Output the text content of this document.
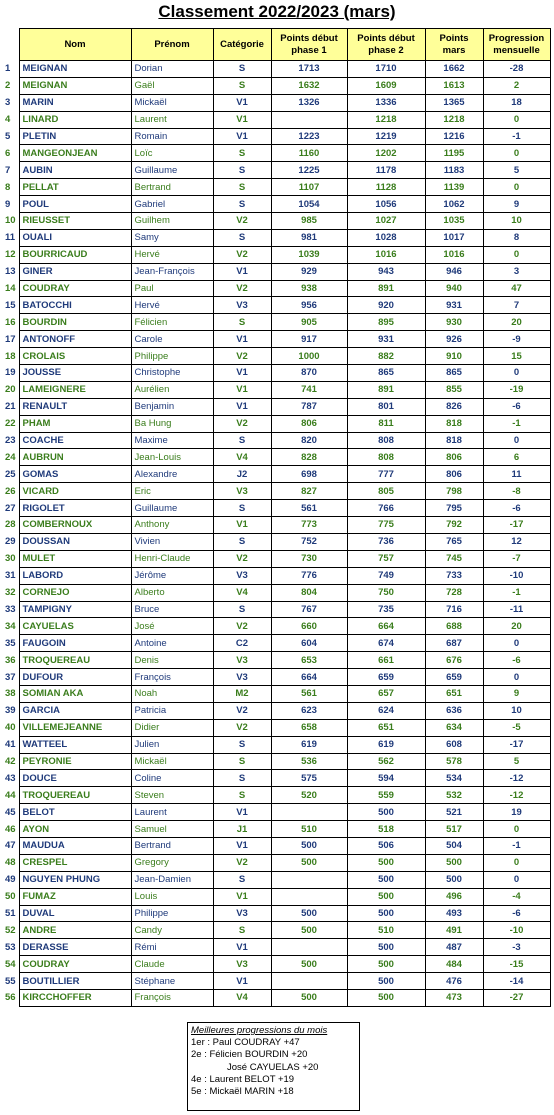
Classement 2022/2023 (mars)
	Nom	Prénom	Catégorie	Points début phase 1	Points début phase 2	Points mars	Progression mensuelle
1	MEIGNAN	Dorian	S	1713	1710	1662	-28
2	MEIGNAN	Gaël	S	1632	1609	1613	2
3	MARIN	Mickaël	V1	1326	1336	1365	18
4	LINARD	Laurent	V1		1218	1218	0
5	PLETIN	Romain	V1	1223	1219	1216	-1
6	MANGEONJEAN	Loïc	S	1160	1202	1195	0
7	AUBIN	Guillaume	S	1225	1178	1183	5
8	PELLAT	Bertrand	S	1107	1128	1139	0
9	POUL	Gabriel	S	1054	1056	1062	9
10	RIEUSSET	Guilhem	V2	985	1027	1035	10
11	OUALI	Samy	S	981	1028	1017	8
12	BOURRICAUD	Hervé	V2	1039	1016	1016	0
13	GINER	Jean-François	V1	929	943	946	3
14	COUDRAY	Paul	V2	938	891	940	47
15	BATOCCHI	Hervé	V3	956	920	931	7
16	BOURDIN	Félicien	S	905	895	930	20
17	ANTONOFF	Carole	V1	917	931	926	-9
18	CROLAIS	Philippe	V2	1000	882	910	15
19	JOUSSE	Christophe	V1	870	865	865	0
20	LAMEIGNERE	Aurélien	V1	741	891	855	-19
21	RENAULT	Benjamin	V1	787	801	826	-6
22	PHAM	Ba Hung	V2	806	811	818	-1
23	COACHE	Maxime	S	820	808	818	0
24	AUBRUN	Jean-Louis	V4	828	808	806	6
25	GOMAS	Alexandre	J2	698	777	806	11
26	VICARD	Eric	V3	827	805	798	-8
27	RIGOLET	Guillaume	S	561	766	795	-6
28	COMBERNOUX	Anthony	V1	773	775	792	-17
29	DOUSSAN	Vivien	S	752	736	765	12
30	MULET	Henri-Claude	V2	730	757	745	-7
31	LABORD	Jérôme	V3	776	749	733	-10
32	CORNEJO	Alberto	V4	804	750	728	-1
33	TAMPIGNY	Bruce	S	767	735	716	-11
34	CAYUELAS	José	V2	660	664	688	20
35	FAUGOIN	Antoine	C2	604	674	687	0
36	TROQUEREAU	Denis	V3	653	661	676	-6
37	DUFOUR	François	V3	664	659	659	0
38	SOMIAN AKA	Noah	M2	561	657	651	9
39	GARCIA	Patricia	V2	623	624	636	10
40	VILLEMEJEANNE	Didier	V2	658	651	634	-5
41	WATTEEL	Julien	S	619	619	608	-17
42	PEYRONIE	Mickaël	S	536	562	578	5
43	DOUCE	Coline	S	575	594	534	-12
44	TROQUEREAU	Steven	S	520	559	532	-12
45	BELOT	Laurent	V1		500	521	19
46	AYON	Samuel	J1	510	518	517	0
47	MAUDUA	Bertrand	V1	500	506	504	-1
48	CRESPEL	Gregory	V2	500	500	500	0
49	NGUYEN PHUNG	Jean-Damien	S		500	500	0
50	FUMAZ	Louis	V1		500	496	-4
51	DUVAL	Philippe	V3	500	500	493	-6
52	ANDRE	Candy	S	500	510	491	-10
53	DERASSE	Rémi	V1		500	487	-3
54	COUDRAY	Claude	V3	500	500	484	-15
55	BOUTILLIER	Stéphane	V1		500	476	-14
56	KIRCCHOFFER	François	V4	500	500	473	-27
Meilleures progressions du mois
1er : Paul COUDRAY +47
2e : Félicien BOURDIN +20
José CAYUELAS +20
4e : Laurent BELOT +19
5e : Mickaël MARIN +18
